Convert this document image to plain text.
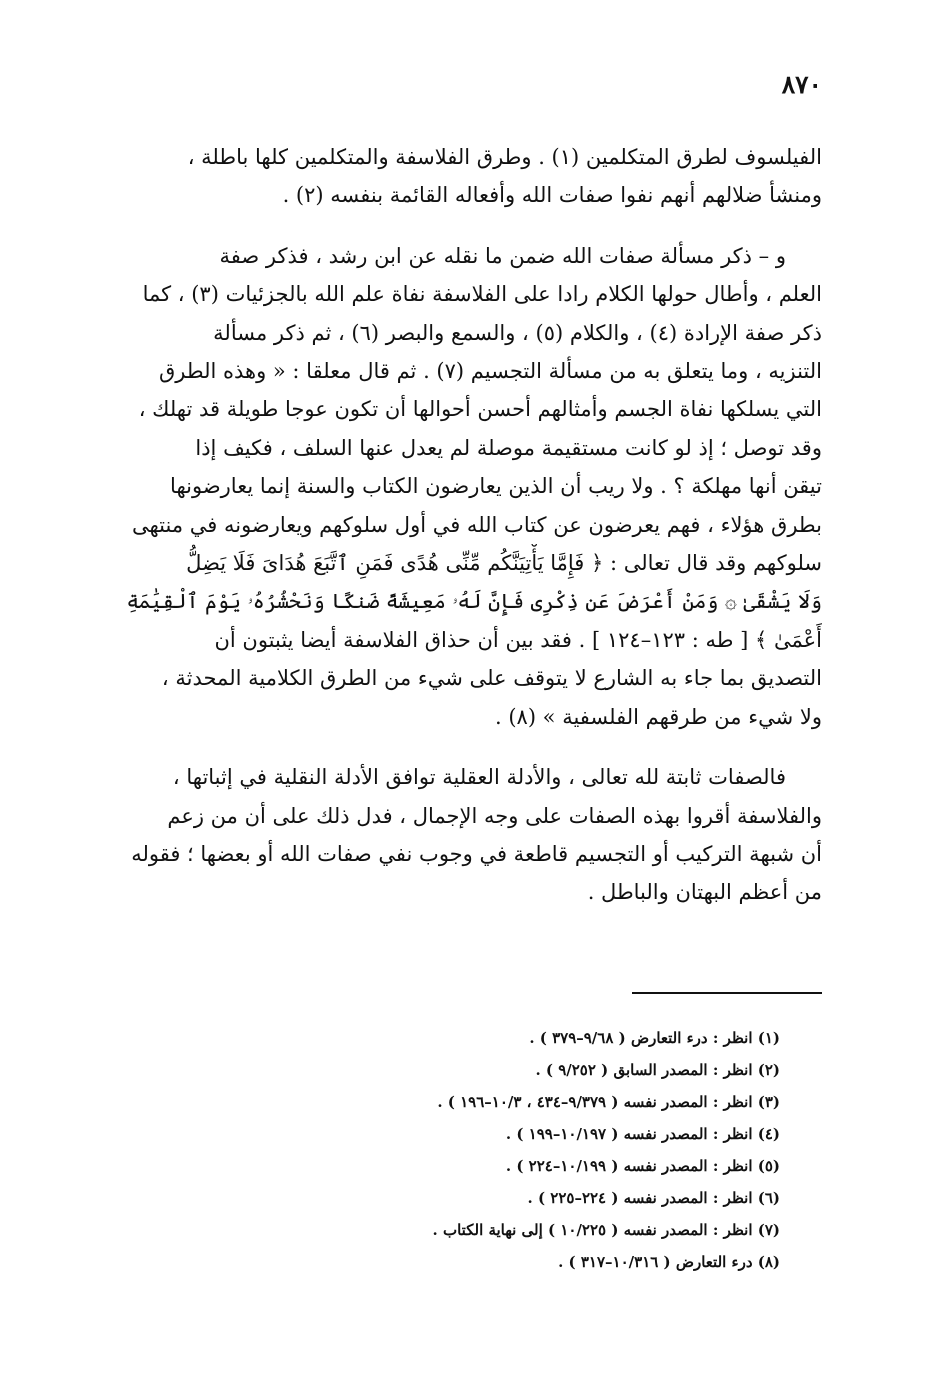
٨٧٠
الفيلسوف لطرق المتكلمين (١) . وطرق الفلاسفة والمتكلمين كلها باطلة ،
ومنشأ ضلالهم أنهم نفوا صفات الله وأفعاله القائمة بنفسه (٢) .
و – ذكر مسألة صفات الله ضمن ما نقله عن ابن رشد ، فذكر صفة
العلم ، وأطال حولها الكلام رادا على الفلاسفة نفاة علم الله بالجزئيات (٣) ، كما
ذكر صفة الإرادة (٤) ، والكلام (٥) ، والسمع والبصر (٦) ، ثم ذكر مسألة
التنزيه ، وما يتعلق به من مسألة التجسيم (٧) . ثم قال معلقا : « وهذه الطرق
التي يسلكها نفاة الجسم وأمثالهم أحسن أحوالها أن تكون عوجا طويلة قد تهلك ،
وقد توصل ؛ إذ لو كانت مستقيمة موصلة لم يعدل عنها السلف ، فكيف إذا
تيقن أنها مهلكة ؟ . ولا ريب أن الذين يعارضون الكتاب والسنة إنما يعارضونها
بطرق هؤلاء ، فهم يعرضون عن كتاب الله في أول سلوكهم ويعارضونه في منتهى
سلوكهم وقد قال تعالى : ﴿ فَإِمَّا يَأْتِيَنَّكُم مِّنِّى هُدًى فَمَنِ ٱتَّبَعَ هُدَاىَ فَلَا يَضِلُّ
وَلَا يَشْقَىٰ ۞ وَمَنْ أَعْرَضَ عَن ذِكْرِى فَإِنَّ لَهُۥ مَعِيشَةً ضَنكًا وَنَحْشُرُهُۥ يَوْمَ ٱلْقِيَٰمَةِ
أَعْمَىٰ ﴾ [ طه : ١٢٣–١٢٤ ] . فقد بين أن حذاق الفلاسفة أيضا يثبتون أن
التصديق بما جاء به الشارع لا يتوقف على شيء من الطرق الكلامية المحدثة ،
ولا شيء من طرقهم الفلسفية » (٨) .
فالصفات ثابتة لله تعالى ، والأدلة العقلية توافق الأدلة النقلية في إثباتها ،
والفلاسفة أقروا بهذه الصفات على وجه الإجمال ، فدل ذلك على أن من زعم
أن شبهة التركيب أو التجسيم قاطعة في وجوب نفي صفات الله أو بعضها ؛ فقوله
من أعظم البهتان والباطل .
(١) انظر : درء التعارض ( ٩/٦٨–٣٧٩ ) .
(٢) انظر : المصدر السابق ( ٩/٢٥٢ ) .
(٣) انظر : المصدر نفسه ( ٩/٣٧٩–٤٣٤ ، ١٠/٣–١٩٦ ) .
(٤) انظر : المصدر نفسه ( ١٠/١٩٧–١٩٩ ) .
(٥) انظر : المصدر نفسه ( ١٠/١٩٩–٢٢٤ ) .
(٦) انظر : المصدر نفسه ( ٢٢٤–٢٢٥ ) .
(٧) انظر : المصدر نفسه ( ١٠/٢٢٥ ) إلى نهاية الكتاب .
(٨) درء التعارض ( ١٠/٣١٦–٣١٧ ) .
